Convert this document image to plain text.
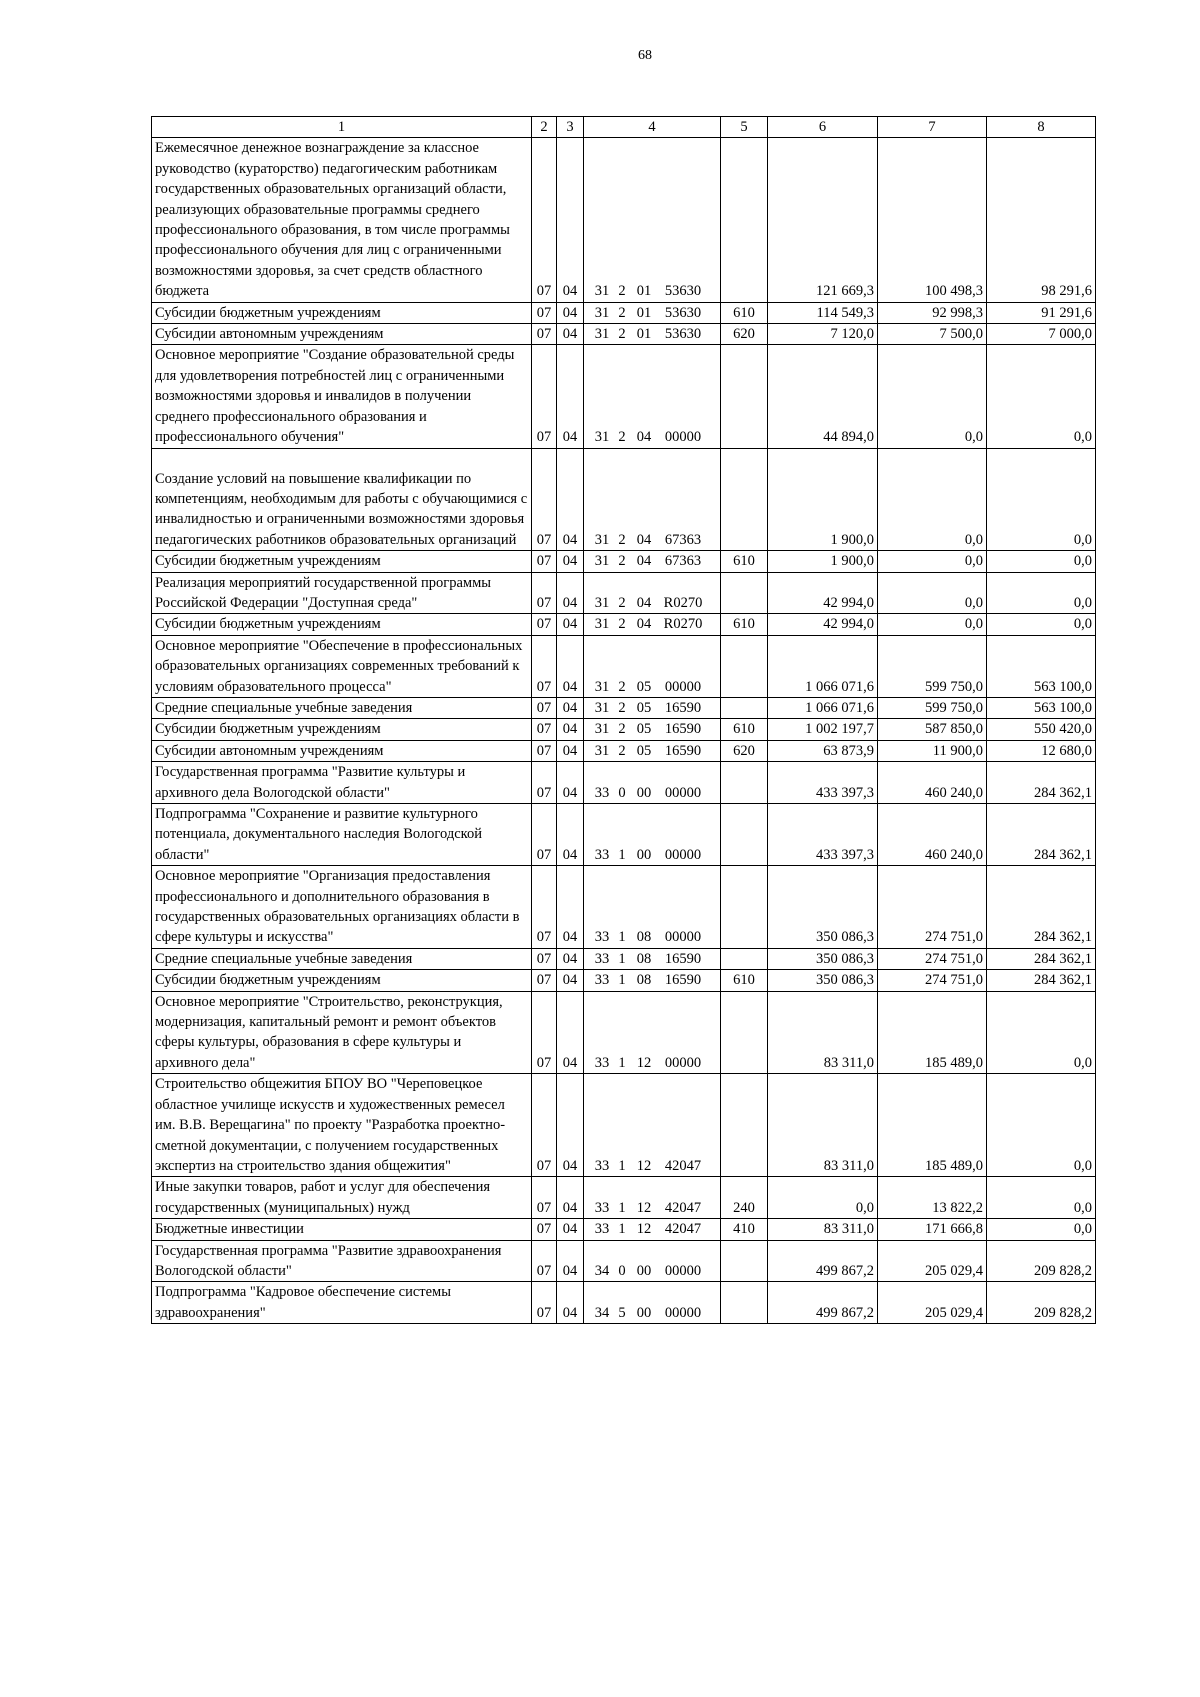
68
1	2	3	4	5	6	7	8
Ежемесячное денежное вознаграждение за классное руководство (кураторство) педагогическим работникам государственных образовательных организаций области, реализующих образовательные программы среднего профессионального образования, в том числе программы профессионального обучения для лиц с ограниченными возможностями здоровья, за счет средств областного бюджета	07	04	31 2 01 53630		121 669,3	100 498,3	98 291,6
Субсидии бюджетным учреждениям	07	04	31 2 01 53630	610	114 549,3	92 998,3	91 291,6
Субсидии автономным учреждениям	07	04	31 2 01 53630	620	7 120,0	7 500,0	7 000,0
Основное мероприятие "Создание образовательной среды для удовлетворения потребностей лиц с ограниченными возможностями здоровья и инвалидов в получении среднего профессионального образования и профессионального обучения"	07	04	31 2 04 00000		44 894,0	0,0	0,0
Создание условий на повышение квалификации по компетенциям, необходимым для работы с обучающимися с инвалидностью и ограниченными возможностями здоровья педагогических работников образовательных организаций	07	04	31 2 04 67363		1 900,0	0,0	0,0
Субсидии бюджетным учреждениям	07	04	31 2 04 67363	610	1 900,0	0,0	0,0
Реализация мероприятий государственной программы Российской Федерации "Доступная среда"	07	04	31 2 04 R0270		42 994,0	0,0	0,0
Субсидии бюджетным учреждениям	07	04	31 2 04 R0270	610	42 994,0	0,0	0,0
Основное мероприятие "Обеспечение в профессиональных образовательных организациях современных требований к условиям образовательного процесса"	07	04	31 2 05 00000		1 066 071,6	599 750,0	563 100,0
Средние специальные учебные заведения	07	04	31 2 05 16590		1 066 071,6	599 750,0	563 100,0
Субсидии бюджетным учреждениям	07	04	31 2 05 16590	610	1 002 197,7	587 850,0	550 420,0
Субсидии автономным учреждениям	07	04	31 2 05 16590	620	63 873,9	11 900,0	12 680,0
Государственная программа "Развитие культуры и архивного дела Вологодской области"	07	04	33 0 00 00000		433 397,3	460 240,0	284 362,1
Подпрограмма "Сохранение и развитие культурного потенциала, документального наследия Вологодской области"	07	04	33 1 00 00000		433 397,3	460 240,0	284 362,1
Основное мероприятие "Организация предоставления профессионального и дополнительного образования в государственных образовательных организациях области в сфере культуры и искусства"	07	04	33 1 08 00000		350 086,3	274 751,0	284 362,1
Средние специальные учебные заведения	07	04	33 1 08 16590		350 086,3	274 751,0	284 362,1
Субсидии бюджетным учреждениям	07	04	33 1 08 16590	610	350 086,3	274 751,0	284 362,1
Основное мероприятие "Строительство, реконструкция, модернизация, капитальный ремонт и ремонт объектов сферы культуры, образования в сфере культуры и архивного дела"	07	04	33 1 12 00000		83 311,0	185 489,0	0,0
Строительство общежития БПОУ ВО "Череповецкое областное училище искусств и художественных ремесел им. В.В. Верещагина" по проекту "Разработка проектно-сметной документации, с получением государственных экспертиз на строительство здания общежития"	07	04	33 1 12 42047		83 311,0	185 489,0	0,0
Иные закупки товаров, работ и услуг для обеспечения государственных (муниципальных) нужд	07	04	33 1 12 42047	240	0,0	13 822,2	0,0
Бюджетные инвестиции	07	04	33 1 12 42047	410	83 311,0	171 666,8	0,0
Государственная программа "Развитие здравоохранения Вологодской области"	07	04	34 0 00 00000		499 867,2	205 029,4	209 828,2
Подпрограмма "Кадровое обеспечение системы здравоохранения"	07	04	34 5 00 00000		499 867,2	205 029,4	209 828,2
